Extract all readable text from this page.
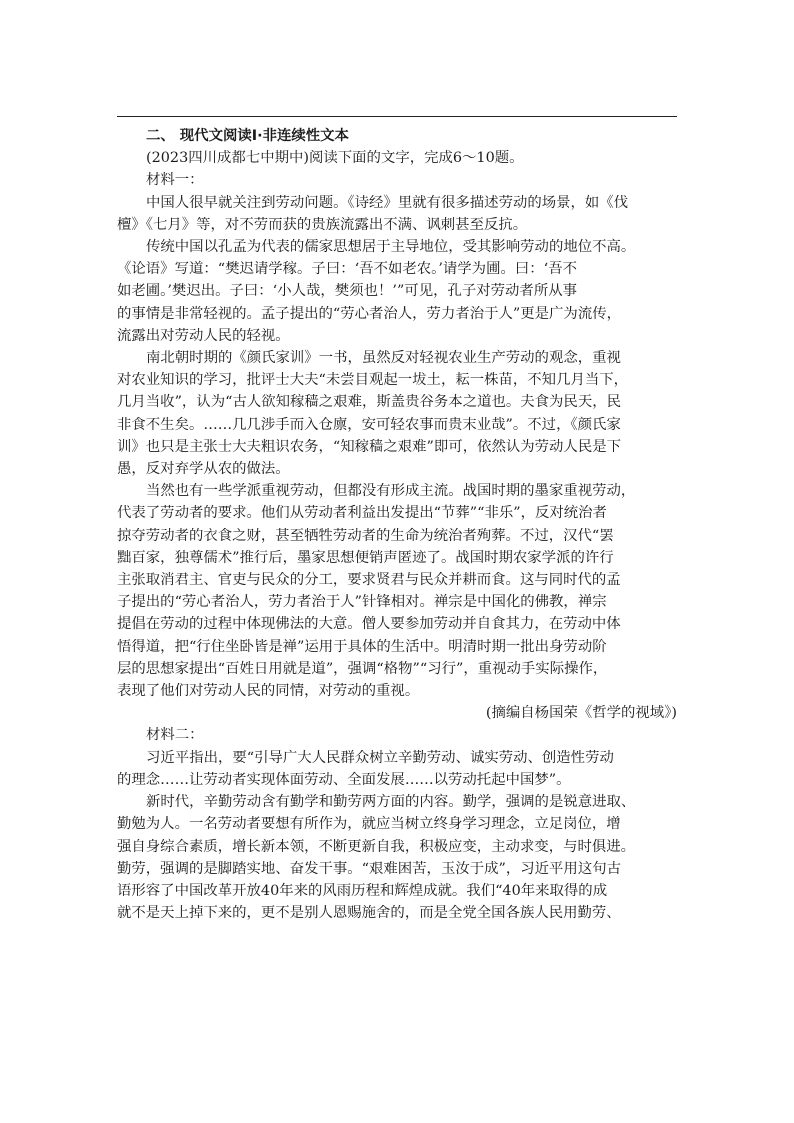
二、 现代文阅读Ⅰ·非连续性文本
(2023四川成都七中期中)阅读下面的文字，完成6～10题。
材料一：
中国人很早就关注到劳动问题。《诗经》里就有很多描述劳动的场景，如《伐
檀》《七月》等，对不劳而获的贵族流露出不满、讽刺甚至反抗。
传统中国以孔孟为代表的儒家思想居于主导地位，受其影响劳动的地位不高。
《论语》写道：“樊迟请学稼。子曰：‘吾不如老农。’请学为圃。曰：‘吾不
如老圃。’樊迟出。子曰：‘小人哉，樊须也！’”可见，孔子对劳动者所从事
的事情是非常轻视的。孟子提出的“劳心者治人，劳力者治于人”更是广为流传，
流露出对劳动人民的轻视。
南北朝时期的《颜氏家训》一书，虽然反对轻视农业生产劳动的观念，重视
对农业知识的学习，批评士大夫“未尝目观起一坺土，耘一株苗，不知几月当下，
几月当收”，认为“古人欲知稼穑之艰难，斯盖贵谷务本之道也。夫食为民天，民
非食不生矣。……几几涉手而入仓廪，安可轻农事而贵末业哉”。不过，《颜氏家
训》也只是主张士大夫粗识农务，“知稼穑之艰难”即可，依然认为劳动人民是下
愚，反对弃学从农的做法。
当然也有一些学派重视劳动，但都没有形成主流。战国时期的墨家重视劳动，
代表了劳动者的要求。他们从劳动者利益出发提出“节葬”“非乐”，反对统治者
掠夺劳动者的衣食之财，甚至牺牲劳动者的生命为统治者殉葬。不过，汉代“罢
黜百家，独尊儒术”推行后，墨家思想便销声匿迹了。战国时期农家学派的许行
主张取消君主、官吏与民众的分工，要求贤君与民众并耕而食。这与同时代的孟
子提出的“劳心者治人，劳力者治于人”针锋相对。禅宗是中国化的佛教，禅宗
提倡在劳动的过程中体现佛法的大意。僧人要参加劳动并自食其力，在劳动中体
悟得道，把“行住坐卧皆是禅”运用于具体的生活中。明清时期一批出身劳动阶
层的思想家提出“百姓日用就是道”，强调“格物”“习行”，重视动手实际操作，
表现了他们对劳动人民的同情，对劳动的重视。
(摘编自杨国荣《哲学的视域》)
材料二：
习近平指出，要“引导广大人民群众树立辛勤劳动、诚实劳动、创造性劳动
的理念……让劳动者实现体面劳动、全面发展……以劳动托起中国梦”。
新时代，辛勤劳动含有勤学和勤劳两方面的内容。勤学，强调的是锐意进取、
勤勉为人。一名劳动者要想有所作为，就应当树立终身学习理念，立足岗位，增
强自身综合素质，增长新本领，不断更新自我，积极应变，主动求变，与时俱进。
勤劳，强调的是脚踏实地、奋发干事。“艰难困苦，玉汝于成”，习近平用这句古
语形容了中国改革开放40年来的风雨历程和辉煌成就。我们“40年来取得的成
就不是天上掉下来的，更不是别人恩赐施舍的，而是全党全国各族人民用勤劳、
